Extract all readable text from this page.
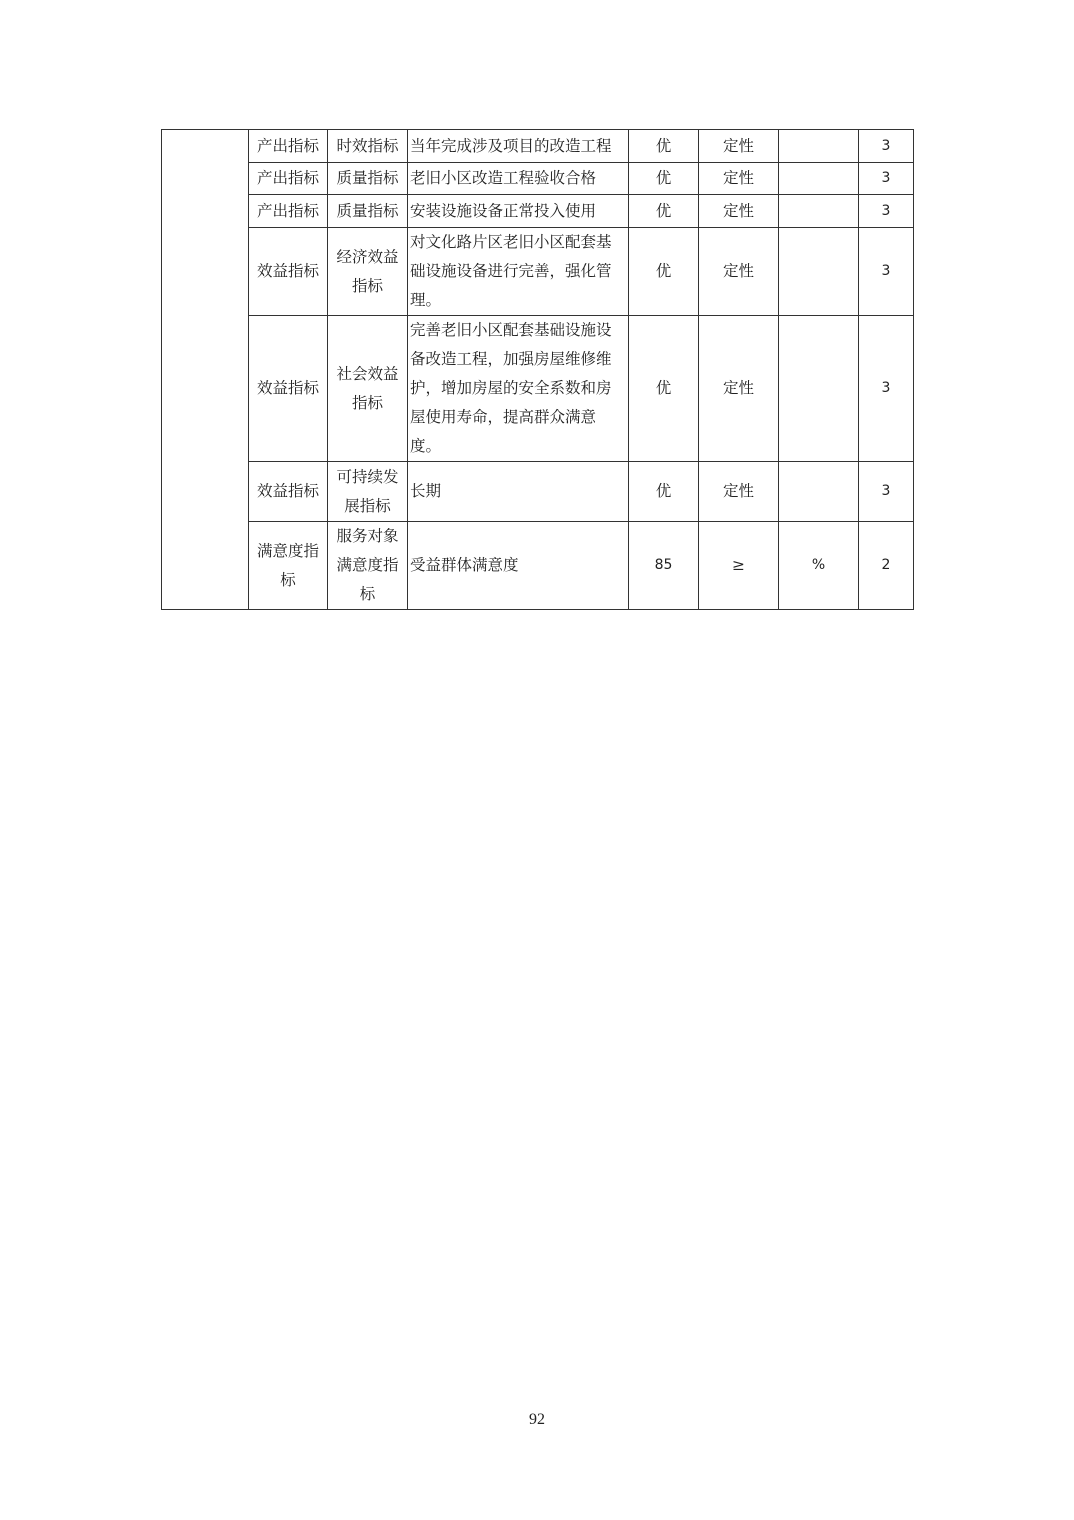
	产出指标	时效指标	当年完成涉及项目的改造工程	优	定性		3
	产出指标	质量指标	老旧小区改造工程验收合格	优	定性		3
	产出指标	质量指标	安装设施设备正常投入使用	优	定性		3
	效益指标	经济效益指标	对文化路片区老旧小区配套基础设施设备进行完善，强化管理。	优	定性		3
	效益指标	社会效益指标	完善老旧小区配套基础设施设备改造工程，加强房屋维修维护，增加房屋的安全系数和房屋使用寿命，提高群众满意度。	优	定性		3
	效益指标	可持续发展指标	长期	优	定性		3
	满意度指标	服务对象满意度指标	受益群体满意度	85	≥	%	2
92
